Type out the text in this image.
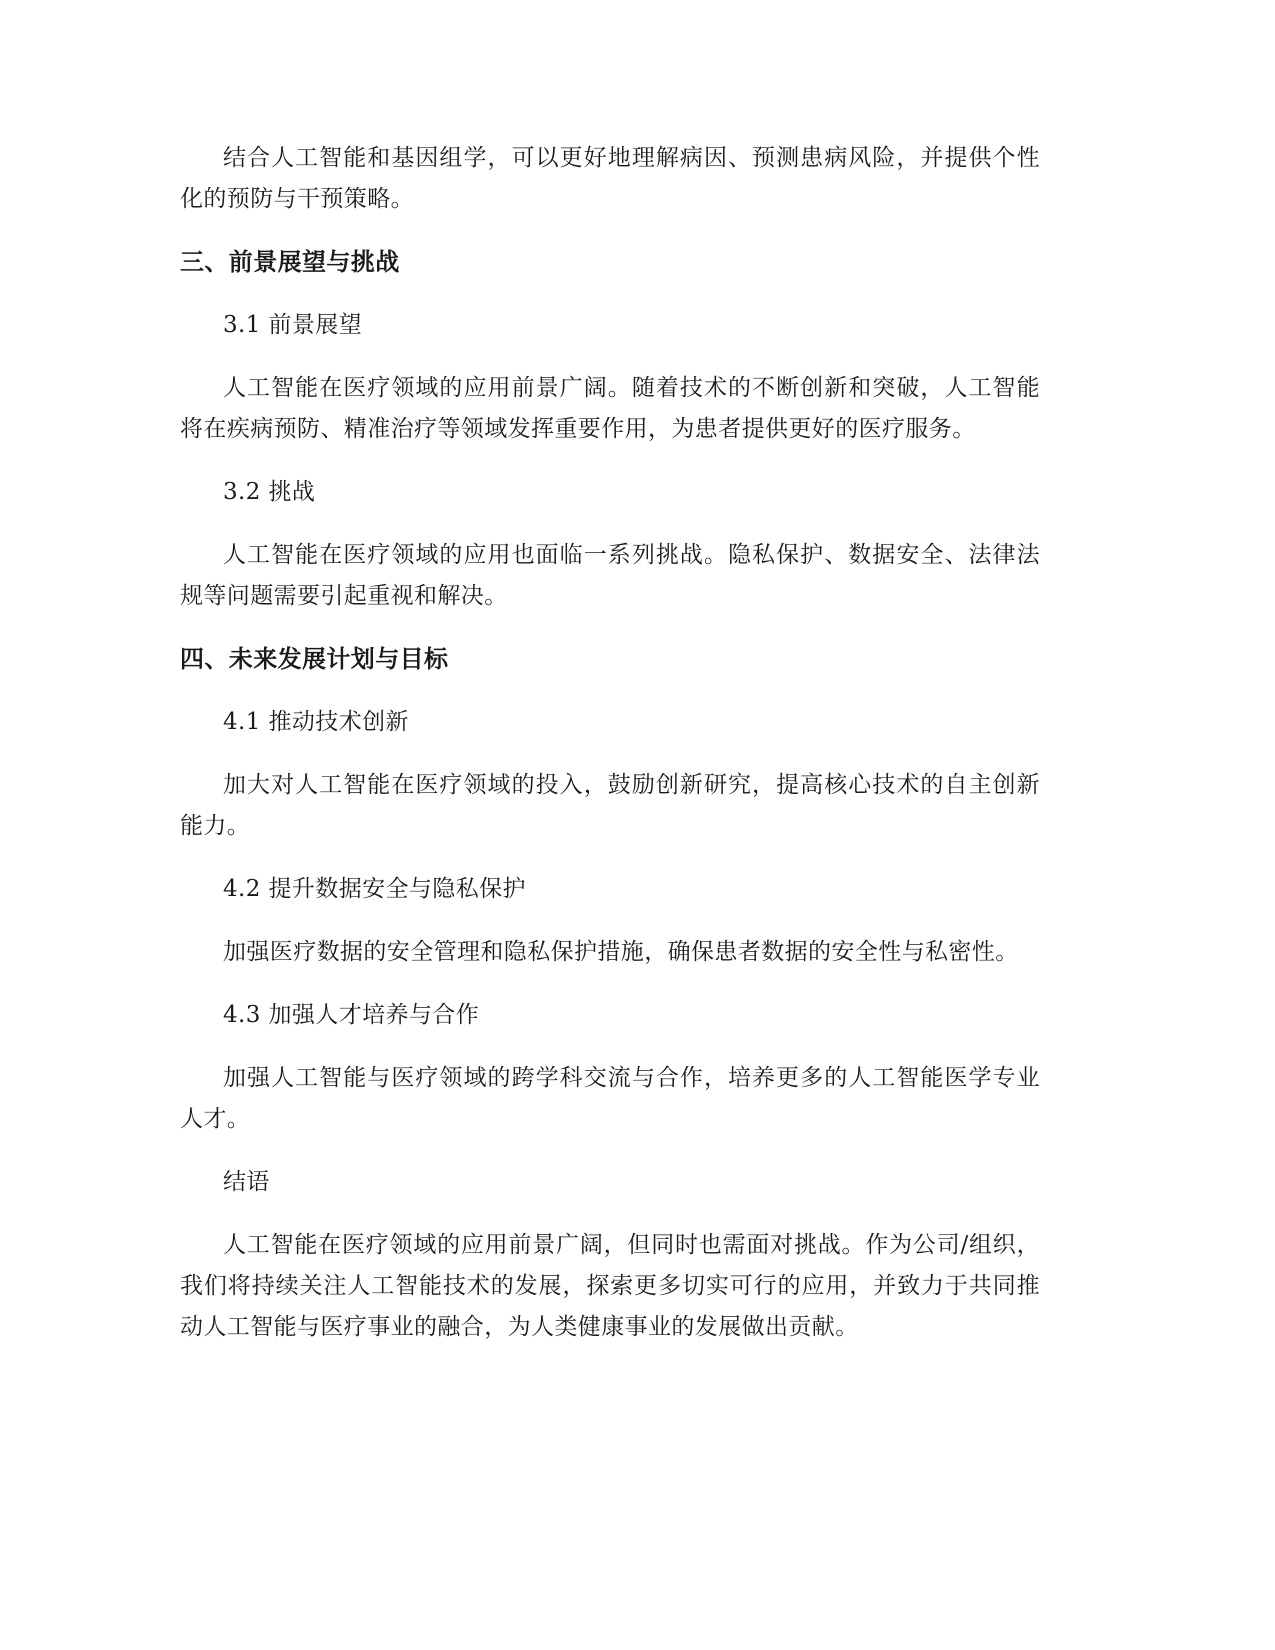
结合人工智能和基因组学，可以更好地理解病因、预测患病风险，并提供个性化的预防与干预策略。

三、前景展望与挑战

3.1 前景展望

人工智能在医疗领域的应用前景广阔。随着技术的不断创新和突破，人工智能将在疾病预防、精准治疗等领域发挥重要作用，为患者提供更好的医疗服务。

3.2 挑战

人工智能在医疗领域的应用也面临一系列挑战。隐私保护、数据安全、法律法规等问题需要引起重视和解决。

四、未来发展计划与目标

4.1 推动技术创新

加大对人工智能在医疗领域的投入，鼓励创新研究，提高核心技术的自主创新能力。

4.2 提升数据安全与隐私保护

加强医疗数据的安全管理和隐私保护措施，确保患者数据的安全性与私密性。

4.3 加强人才培养与合作

加强人工智能与医疗领域的跨学科交流与合作，培养更多的人工智能医学专业人才。

结语

人工智能在医疗领域的应用前景广阔，但同时也需面对挑战。作为公司/组织，我们将持续关注人工智能技术的发展，探索更多切实可行的应用，并致力于共同推动人工智能与医疗事业的融合，为人类健康事业的发展做出贡献。
